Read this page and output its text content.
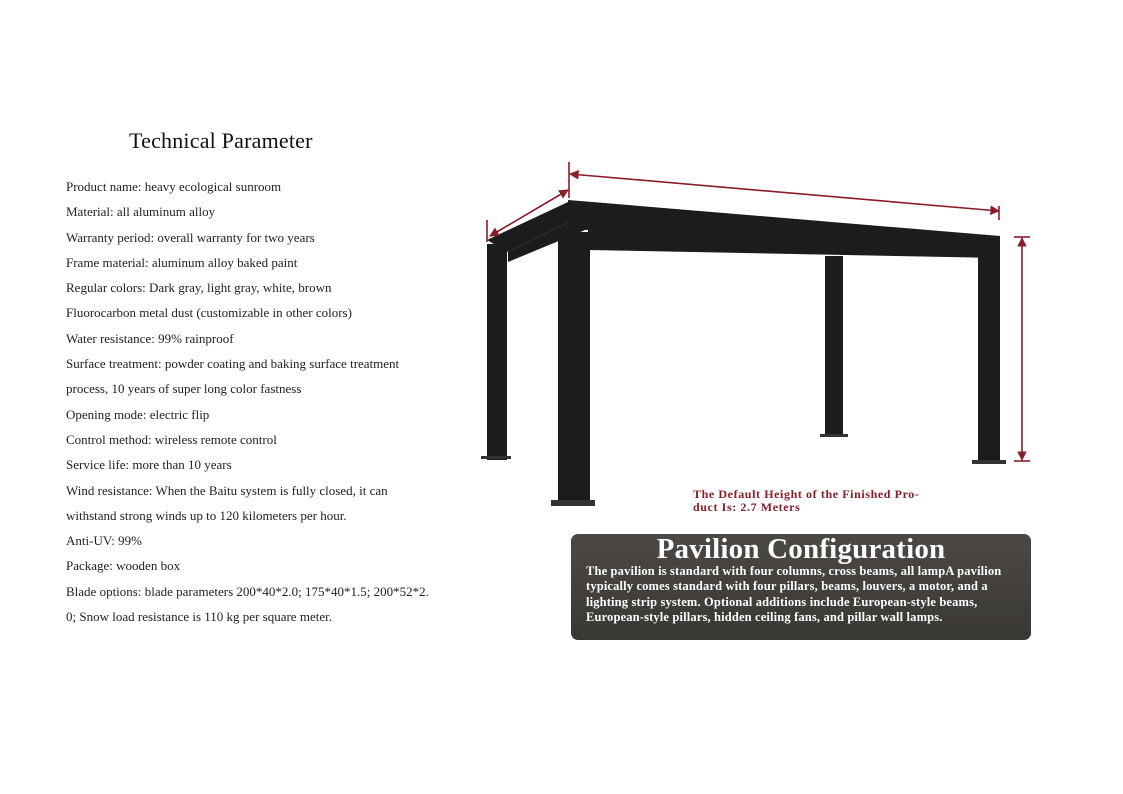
Technical Parameter
Product name: heavy ecological sunroom
Material: all aluminum alloy
Warranty period: overall warranty for two years
Frame material: aluminum alloy baked paint
Regular colors: Dark gray, light gray, white, brown
Fluorocarbon metal dust (customizable in other colors)
Water resistance: 99% rainproof
Surface treatment: powder coating and baking surface treatment
process, 10 years of super long color fastness
Opening mode: electric flip
Control method: wireless remote control
Service life: more than 10 years
Wind resistance: When the Baitu system is fully closed, it can
withstand strong winds up to 120 kilometers per hour.
Anti-UV: 99%
Package: wooden box
Blade options: blade parameters 200*40*2.0; 175*40*1.5; 200*52*2.
0; Snow load resistance is 110 kg per square meter.
The Default Height of the Finished Pro-
duct Is: 2.7 Meters
Pavilion Configuration
The pavilion is standard with four columns, cross beams, all lampA pavilion typically comes standard with four pillars, beams, louvers, a motor, and a lighting strip system. Optional additions include European-style beams, European-style pillars, hidden ceiling fans, and pillar wall lamps.
